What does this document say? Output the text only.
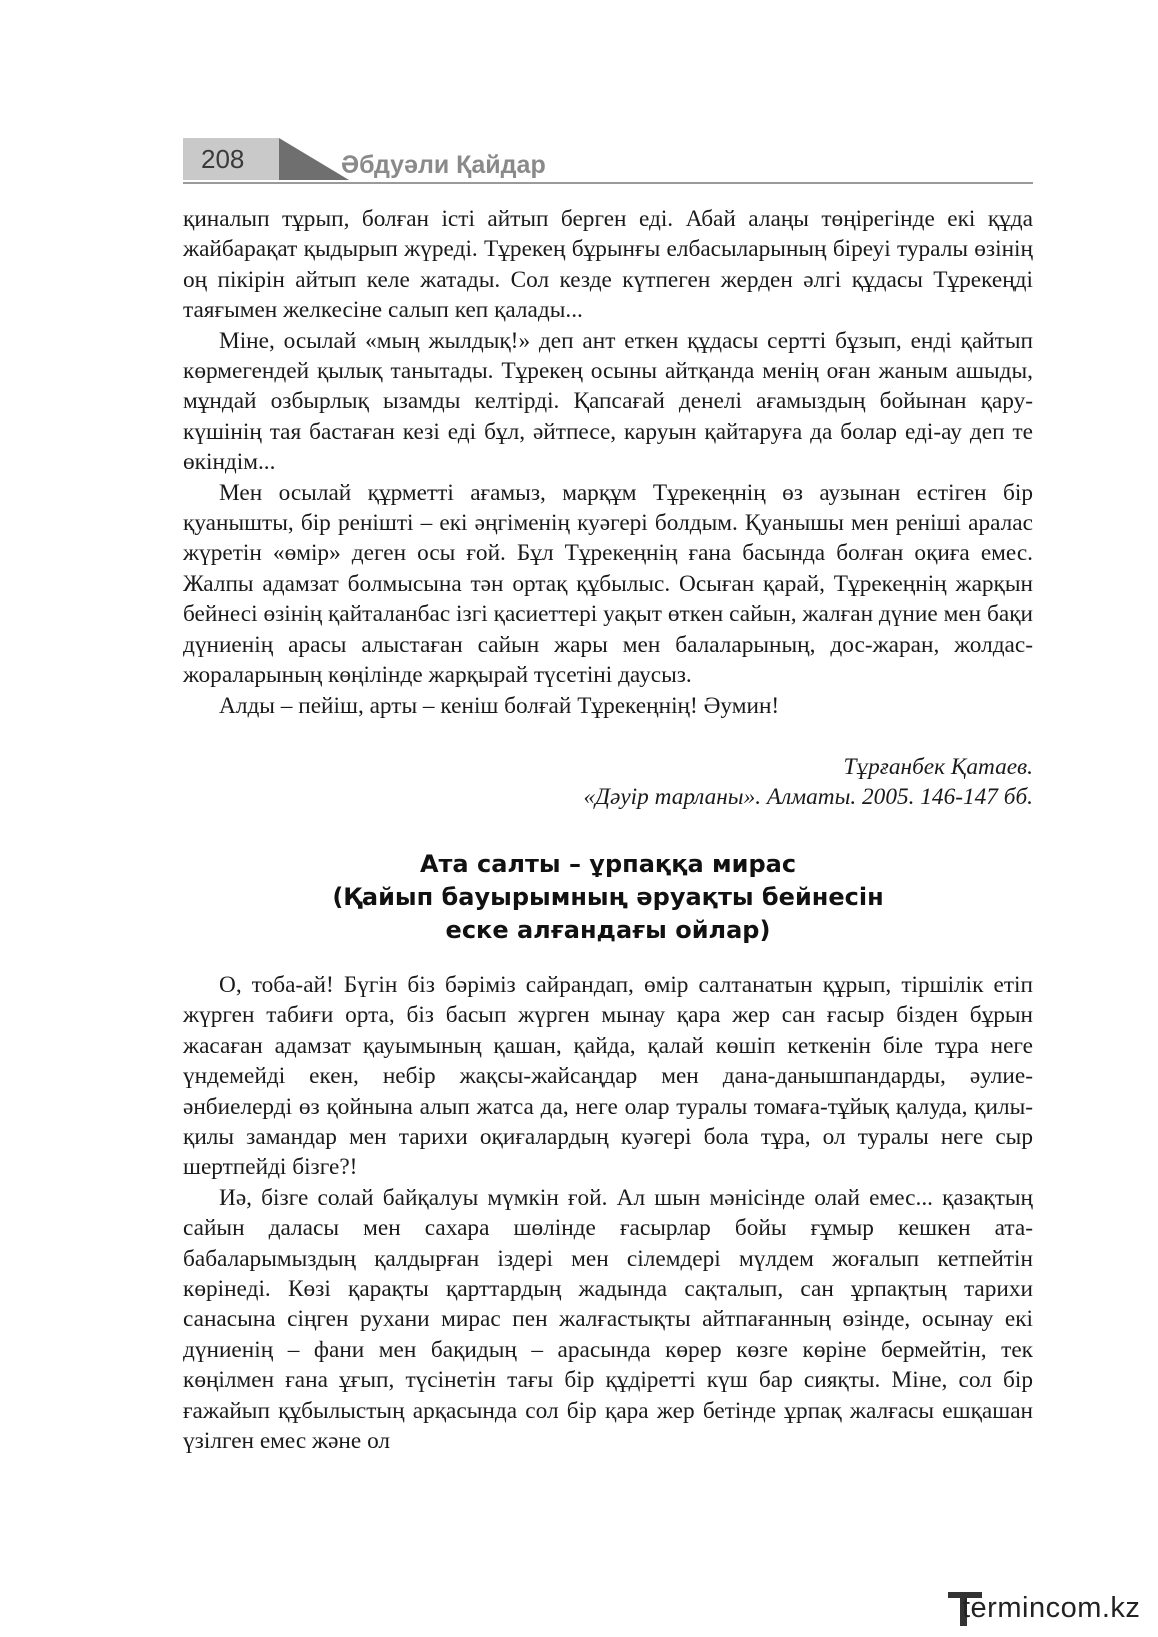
208	Әбдуәли Қайдар

қиналып тұрып, болған істі айтып берген еді. Абай алаңы төңірегінде екі құда жайбарақат қыдырып жүреді. Тұрекең бұрынғы елбасыларының біреуі туралы өзінің оң пікірін айтып келе жатады. Сол кезде күтпеген жерден әлгі құдасы Тұрекеңді таяғымен желкесіне салып кеп қалады...

Міне, осылай «мың жылдық!» деп ант еткен құдасы сертті бұзып, енді қайтып көрмегендей қылық танытады. Тұрекең осыны айтқанда менің оған жаным ашыды, мұндай озбырлық ызамды келтірді. Қапсағай денелі ағамыздың бойынан қару-күшінің тая бастаған кезі еді бұл, әйтпесе, каруын қайтаруға да болар еді-ау деп те өкіндім...

Мен осылай құрметті ағамыз, марқұм Тұрекеңнің өз аузынан естіген бір қуанышты, бір реніштi – екі әңгіменің куәгері болдым. Қуанышы мен реніші аралас жүретін «өмір» деген осы ғой. Бұл Тұрекеңнің ғана басында болған оқиға емес. Жалпы адамзат болмысына тән ортақ құбылыс. Осыған қарай, Тұрекеңнің жарқын бейнесі өзінің қайталанбас ізгі қасиеттері уақыт өткен сайын, жалған дүние мен бақи дүниенің арасы алыстаған сайын жары мен балаларының, дос-жаран, жолдас-жораларының көңілінде жарқырай түсетіні даусыз.

Алды – пейіш, арты – кеніш болғай Тұрекеңнің! Әумин!

Тұрғанбек Қатаев.
«Дәуір тарланы». Алматы. 2005. 146-147 бб.
Ата салты – ұрпаққа мирас
(Қайып бауырымның әруақты бейнесін
еске алғандағы ойлар)

О, тоба-ай! Бүгін біз бәріміз сайрандап, өмір салтанатын құрып, тіршілік етіп жүрген табиғи орта, біз басып жүрген мынау қара жер сан ғасыр бізден бұрын жасаған адамзат қауымының қашан, қайда, қалай көшіп кеткенін біле тұра неге үндемейді екен, небір жақсы-жайсаңдар мен дана-данышпандарды, әулие-әнбиелерді өз қойнына алып жатса да, неге олар туралы томаға-тұйық қалуда, қилы-қилы замандар мен тарихи оқиғалардың куәгері бола тұра, ол туралы неге сыр шертпейді бізге?!

Иә, бізге солай байқалуы мүмкін ғой. Ал шын мәнісінде олай емес... қазақтың сайын даласы мен сахара шөлінде ғасырлар бойы ғұмыр кешкен ата-бабаларымыздың қалдырған іздері мен сілемдері мүлдем жоғалып кетпейтін көрінеді. Көзі қарақты қарттардың жадында сақталып, сан ұрпақтың тарихи санасына сіңген рухани мирас пен жалғастықты айтпағанның өзінде, осынау екі дүниенің – фани мен бақидың – арасында көрер көзге көріне бермейтін, тек көңілмен ғана ұғып, түсінетін тағы бір құдіретті күш бар сияқты. Міне, сол бір ғажайып құбылыстың арқасында сол бір қара жер бетінде ұрпақ жалғасы ешқашан үзілген емес және ол

termincom.kz
